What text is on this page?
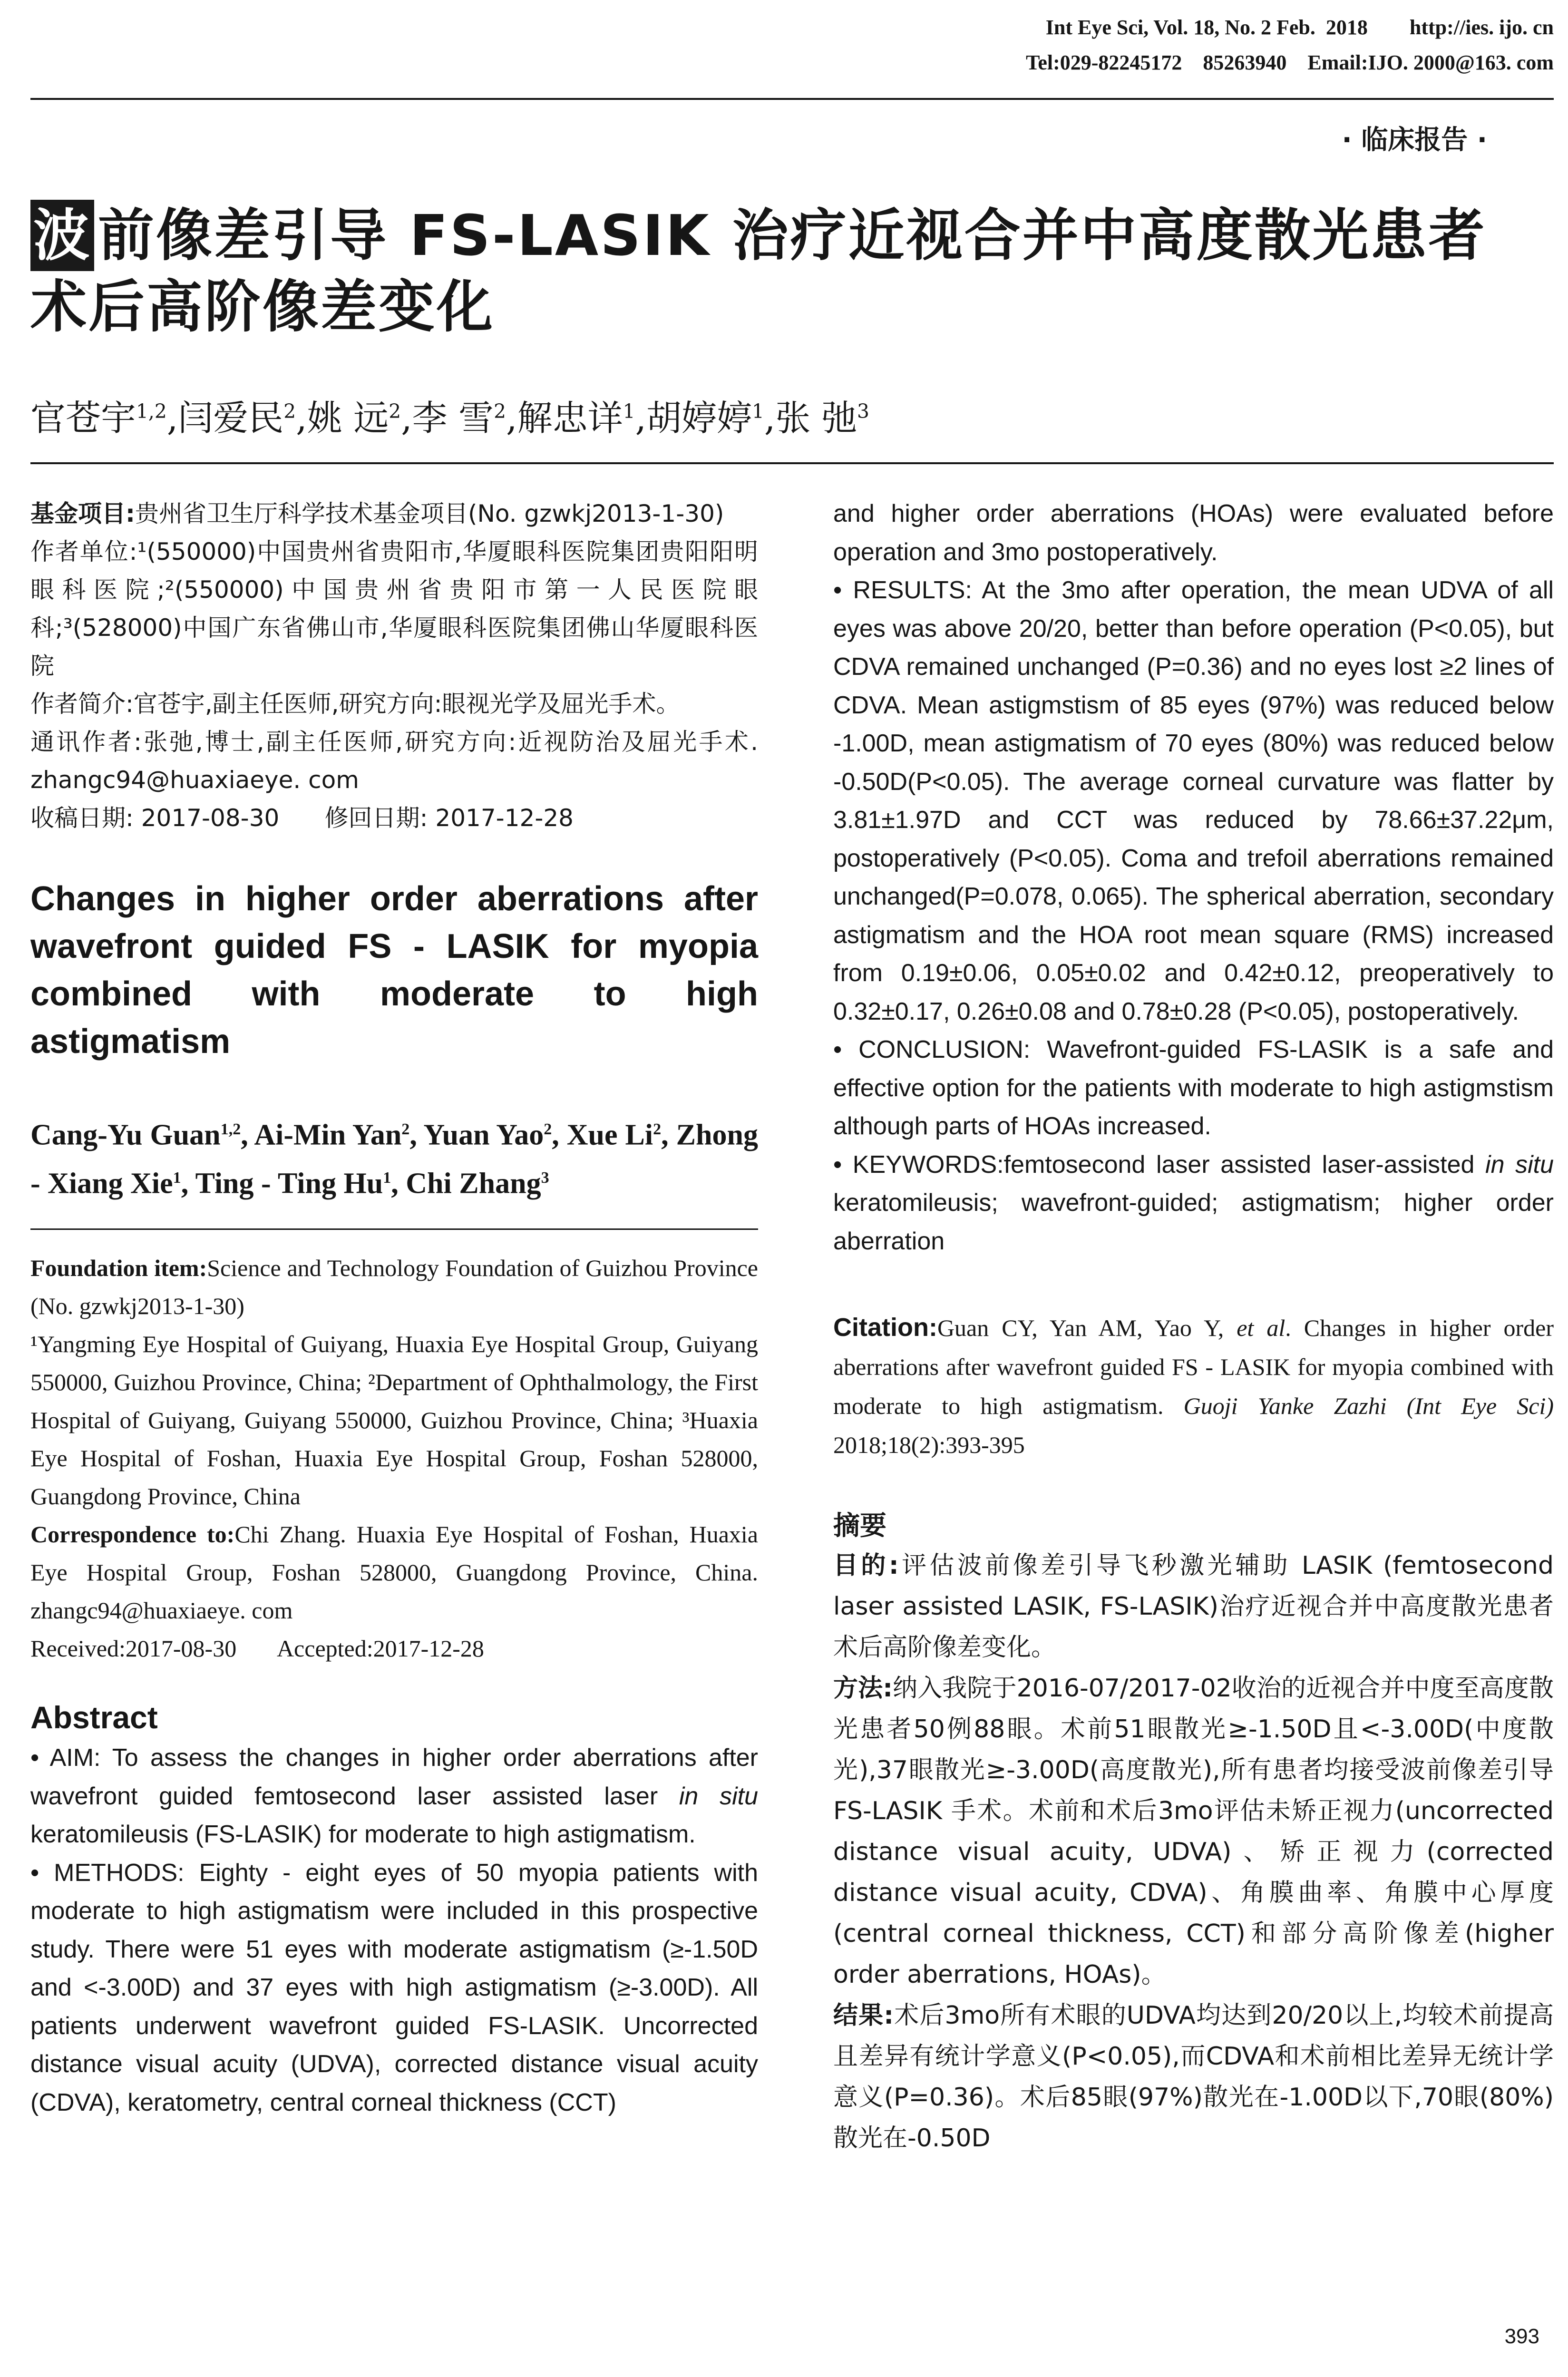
Int Eye Sci, Vol. 18, No. 2 Feb.  2018        http://ies. ijo. cn
Tel:029-82245172    85263940    Email:IJO. 2000@163. com
· 临床报告 ·
波 前像差引导 FS-LASIK 治疗近视合并中高度散光患者
术后高阶像差变化
官苍宇$^{1,2}$,闫爱民$^2$,姚 远$^2$,李 雪$^2$,解忠详$^1$,胡婷婷$^1$,张 弛$^3$

基金项目:贵州省卫生厅科学技术基金项目(No. gzwkj2013-1-30)

作者单位:¹(550000)中国贵州省贵阳市,华厦眼科医院集团贵阳阳明眼科医院;²(550000)中国贵州省贵阳市第一人民医院眼科;³(528000)中国广东省佛山市,华厦眼科医院集团佛山华厦眼科医院

作者简介:官苍宇,副主任医师,研究方向:眼视光学及屈光手术。

通讯作者:张弛,博士,副主任医师,研究方向:近视防治及屈光手术. zhangc94@huaxiaeye. com

收稿日期: 2017-08-30      修回日期: 2017-12-28

Changes in higher order aberrations after wavefront guided FS - LASIK for myopia combined with moderate to high astigmatism

Cang-Yu Guan$^{1,2}$, Ai-Min Yan$^2$, Yuan Yao$^2$, Xue Li$^2$, Zhong - Xiang Xie$^1$, Ting - Ting Hu$^1$, Chi Zhang$^3$

Foundation item:Science and Technology Foundation of Guizhou Province (No. gzwkj2013-1-30)

¹Yangming Eye Hospital of Guiyang, Huaxia Eye Hospital Group, Guiyang 550000, Guizhou Province, China; ²Department of Ophthalmology, the First Hospital of Guiyang, Guiyang 550000, Guizhou Province, China; ³Huaxia Eye Hospital of Foshan, Huaxia Eye Hospital Group, Foshan 528000, Guangdong Province, China

Correspondence to:Chi Zhang. Huaxia Eye Hospital of Foshan, Huaxia Eye Hospital Group, Foshan 528000, Guangdong Province, China. zhangc94@huaxiaeye. com

Received:2017-08-30       Accepted:2017-12-28

Abstract

• AIM: To assess the changes in higher order aberrations after wavefront guided femtosecond laser assisted laser in situ keratomileusis (FS-LASIK) for moderate to high astigmatism.

• METHODS: Eighty - eight eyes of 50 myopia patients with moderate to high astigmatism were included in this prospective study. There were 51 eyes with moderate astigmatism (≥-1.50D and <-3.00D) and 37 eyes with high astigmatism (≥-3.00D). All patients underwent wavefront guided FS-LASIK. Uncorrected distance visual acuity (UDVA), corrected distance visual acuity (CDVA), keratometry, central corneal thickness (CCT)

and higher order aberrations (HOAs) were evaluated before operation and 3mo postoperatively.

• RESULTS: At the 3mo after operation, the mean UDVA of all eyes was above 20/20, better than before operation (P<0.05), but CDVA remained unchanged (P=0.36) and no eyes lost ≥2 lines of CDVA. Mean astigmstism of 85 eyes (97%) was reduced below -1.00D, mean astigmatism of 70 eyes (80%) was reduced below -0.50D(P<0.05). The average corneal curvature was flatter by 3.81±1.97D and CCT was reduced by 78.66±37.22μm, postoperatively (P<0.05). Coma and trefoil aberrations remained unchanged(P=0.078, 0.065). The spherical aberration, secondary astigmatism and the HOA root mean square (RMS) increased from 0.19±0.06, 0.05±0.02 and 0.42±0.12, preoperatively to 0.32±0.17, 0.26±0.08 and 0.78±0.28 (P<0.05), postoperatively.

• CONCLUSION: Wavefront-guided FS-LASIK is a safe and effective option for the patients with moderate to high astigmstism although parts of HOAs increased.

• KEYWORDS:femtosecond laser assisted laser-assisted in situ keratomileusis; wavefront-guided; astigmatism; higher order aberration

Citation:Guan CY, Yan AM, Yao Y, et al. Changes in higher order aberrations after wavefront guided FS - LASIK for myopia combined with moderate to high astigmatism. Guoji Yanke Zazhi (Int Eye Sci) 2018;18(2):393-395

摘要

目的:评估波前像差引导飞秒激光辅助 LASIK (femtosecond laser assisted LASIK, FS-LASIK)治疗近视合并中高度散光患者术后高阶像差变化。

方法:纳入我院于2016-07/2017-02收治的近视合并中度至高度散光患者50例88眼。术前51眼散光≥-1.50D且<-3.00D(中度散光),37眼散光≥-3.00D(高度散光),所有患者均接受波前像差引导 FS-LASIK 手术。术前和术后3mo评估未矫正视力(uncorrected distance visual acuity, UDVA)、矫正视力(corrected distance visual acuity, CDVA)、角膜曲率、角膜中心厚度(central corneal thickness, CCT)和部分高阶像差(higher order aberrations, HOAs)。

结果:术后3mo所有术眼的UDVA均达到20/20以上,均较术前提高且差异有统计学意义(P<0.05),而CDVA和术前相比差异无统计学意义(P=0.36)。术后85眼(97%)散光在-1.00D以下,70眼(80%)散光在-0.50D

393
